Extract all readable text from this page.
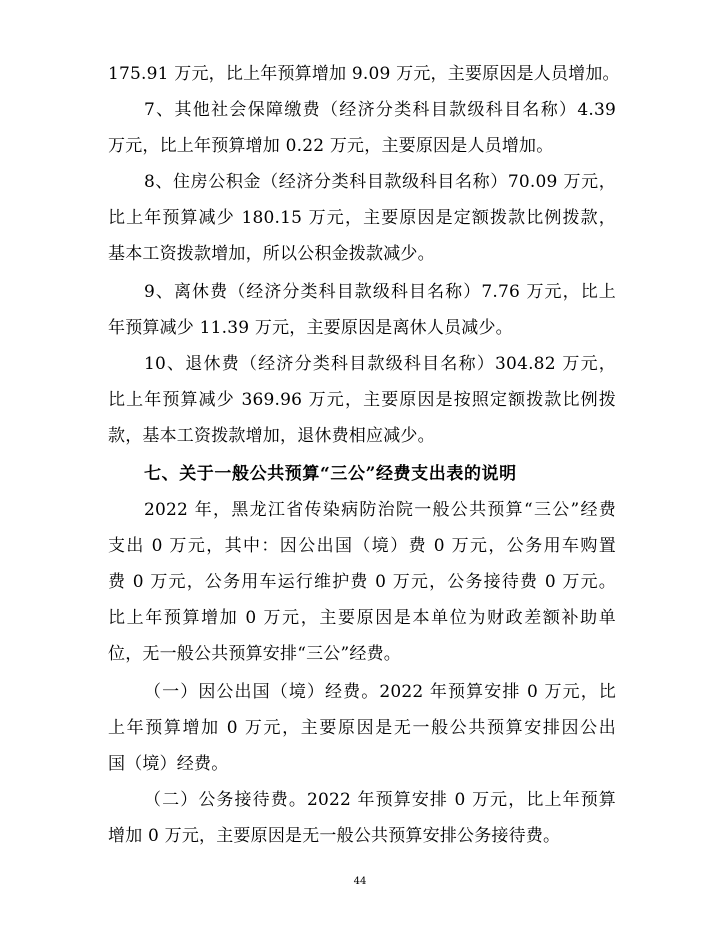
175.91 万元，比上年预算增加 9.09 万元，主要原因是人员增加。
7、其他社会保障缴费（经济分类科目款级科目名称）4.39
万元，比上年预算增加 0.22 万元，主要原因是人员增加。
8、住房公积金（经济分类科目款级科目名称）70.09 万元，
比上年预算减少 180.15 万元，主要原因是定额拨款比例拨款，
基本工资拨款增加，所以公积金拨款减少。
9、离休费（经济分类科目款级科目名称）7.76 万元，比上
年预算减少 11.39 万元，主要原因是离休人员减少。
10、退休费（经济分类科目款级科目名称）304.82 万元，
比上年预算减少 369.96 万元，主要原因是按照定额拨款比例拨
款，基本工资拨款增加，退休费相应减少。
七、关于一般公共预算“三公”经费支出表的说明
2022 年，黑龙江省传染病防治院一般公共预算“三公”经费
支出 0 万元，其中：因公出国（境）费 0 万元，公务用车购置
费 0 万元，公务用车运行维护费 0 万元，公务接待费 0 万元。
比上年预算增加 0 万元，主要原因是本单位为财政差额补助单
位，无一般公共预算安排“三公”经费。
（一）因公出国（境）经费。2022 年预算安排 0 万元，比
上年预算增加 0 万元，主要原因是无一般公共预算安排因公出
国（境）经费。
（二）公务接待费。2022 年预算安排 0 万元，比上年预算
增加 0 万元，主要原因是无一般公共预算安排公务接待费。
44
